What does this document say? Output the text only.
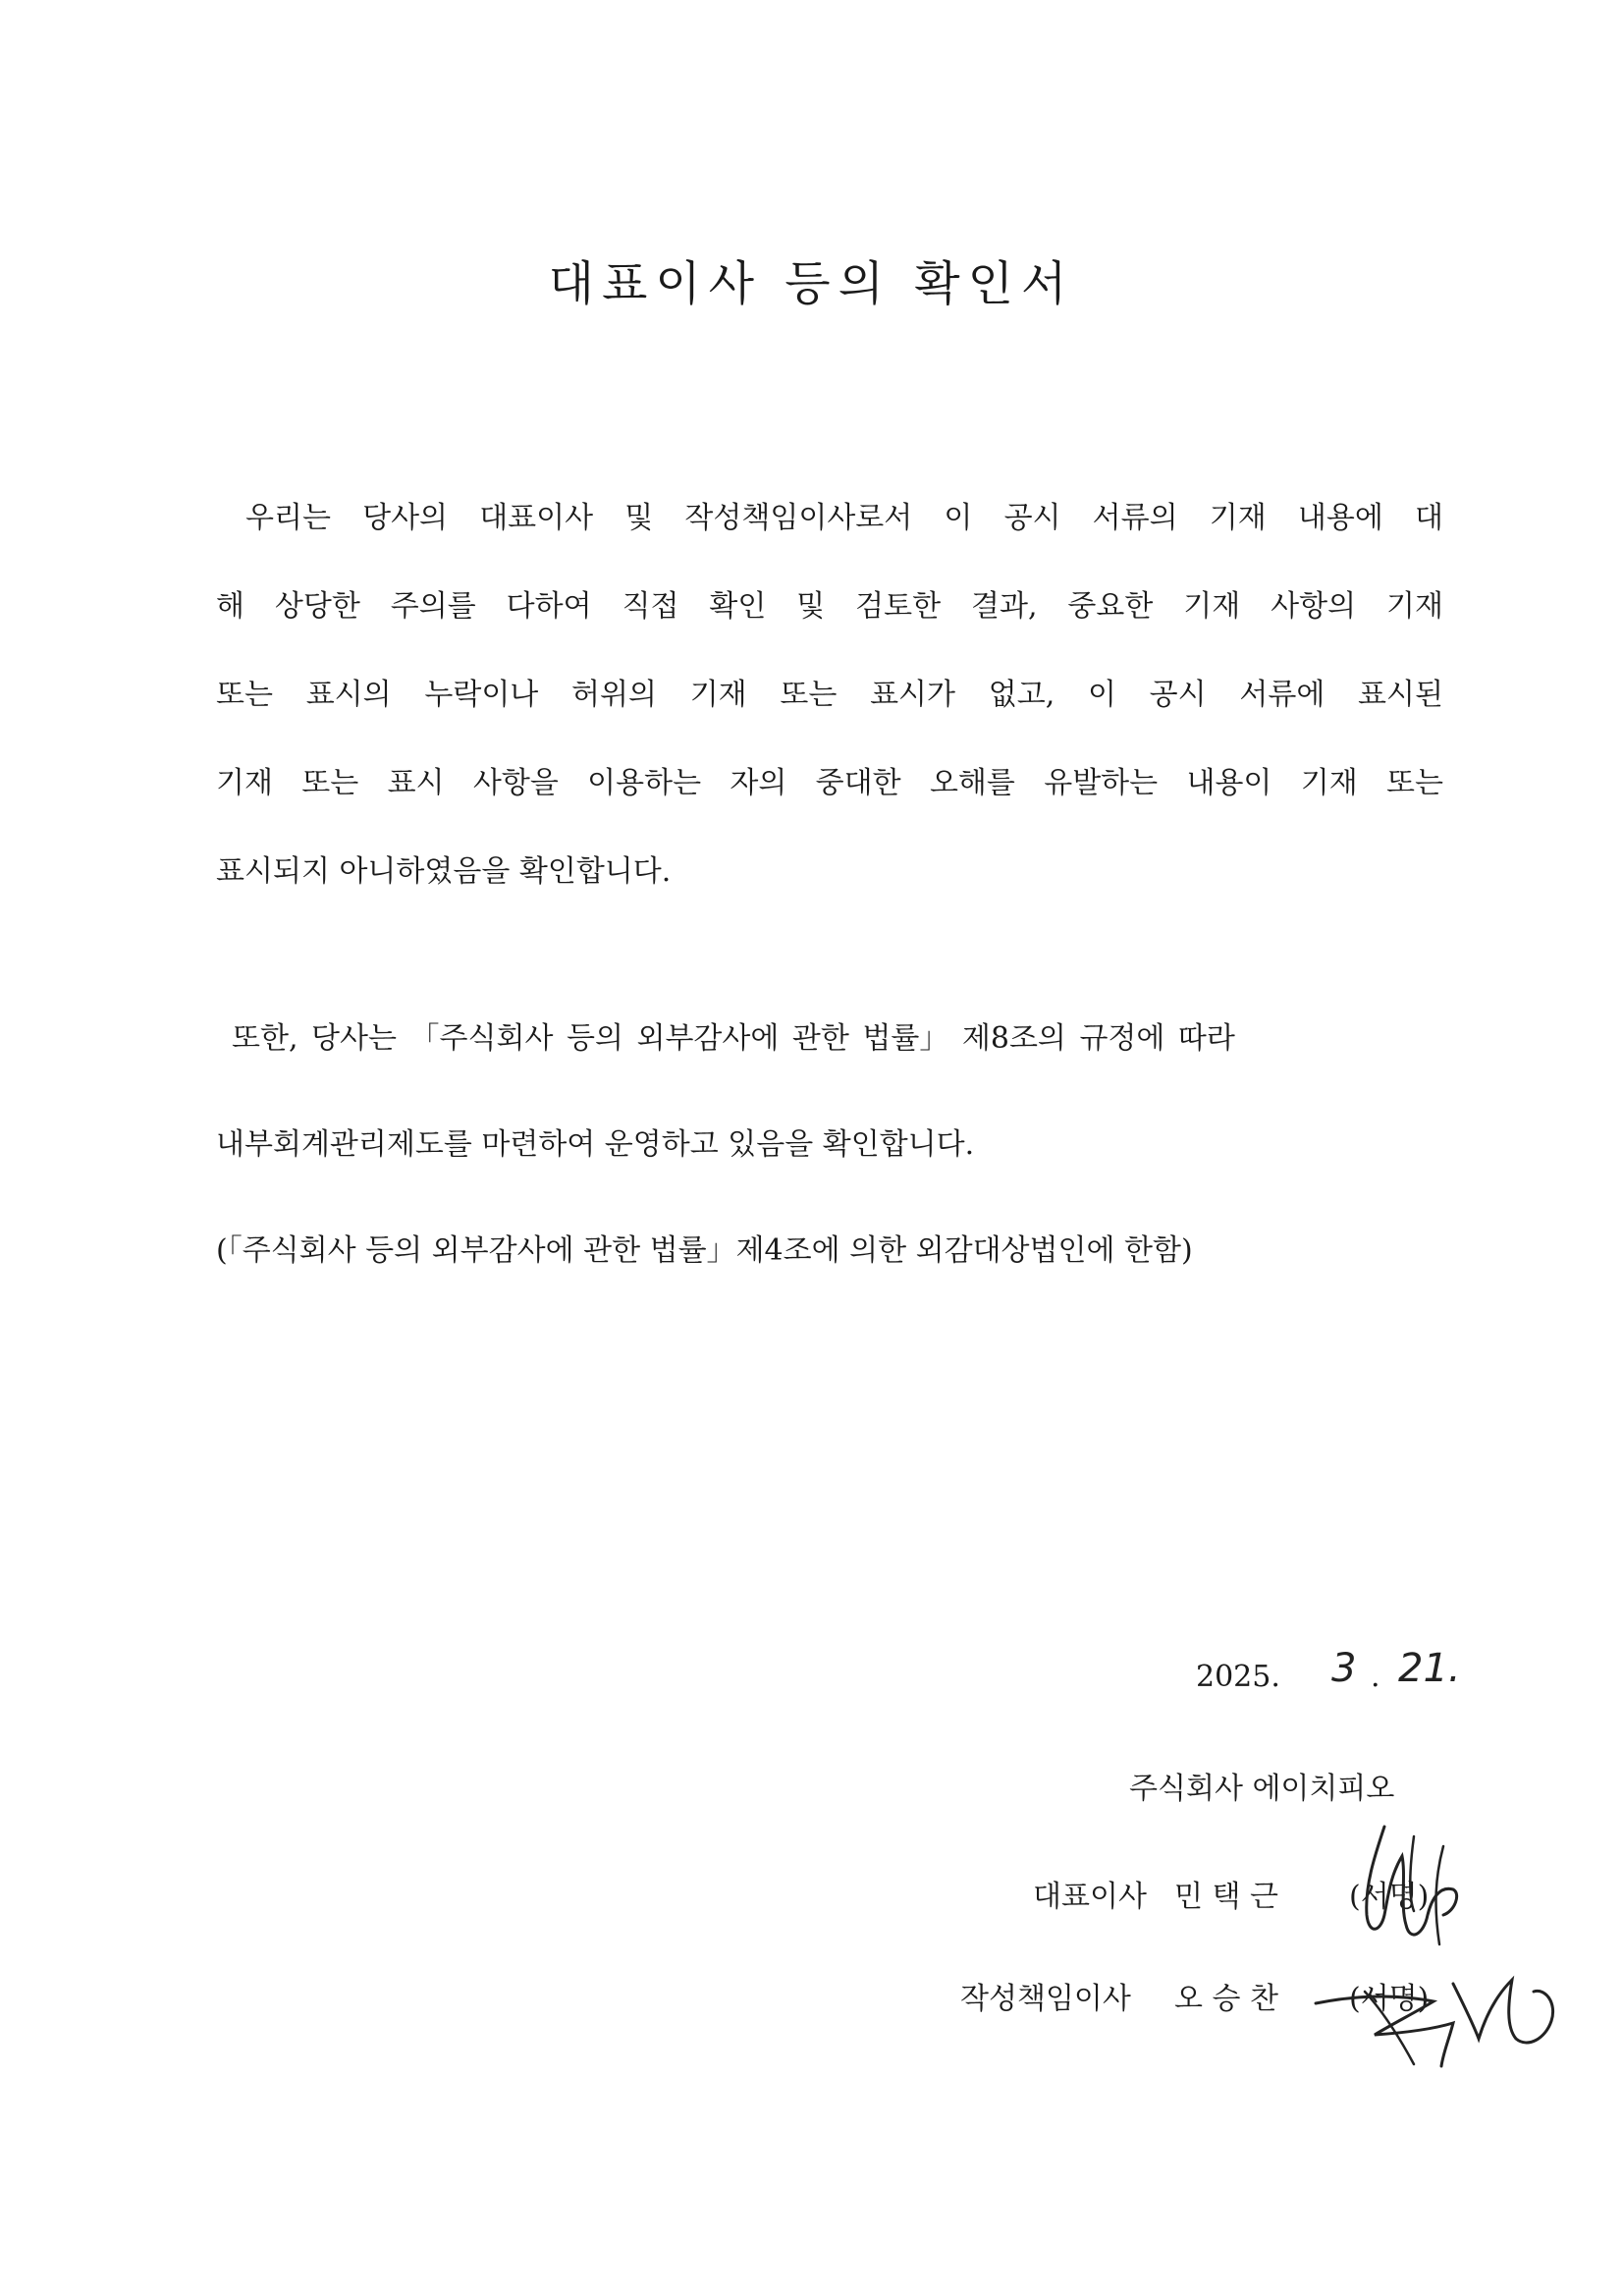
대표이사 등의 확인서
우리는 당사의 대표이사 및 작성책임이사로서 이 공시 서류의 기재 내용에 대
해 상당한 주의를 다하여 직접 확인 및 검토한 결과, 중요한 기재 사항의 기재
또는 표시의 누락이나 허위의 기재 또는 표시가 없고, 이 공시 서류에 표시된
기재 또는 표시 사항을 이용하는 자의 중대한 오해를 유발하는 내용이 기재 또는
표시되지 아니하였음을 확인합니다.
또한, 당사는 「주식회사 등의 외부감사에 관한 법률」 제8조의 규정에 따라
내부회계관리제도를 마련하여 운영하고 있음을 확인합니다.
(「주식회사 등의 외부감사에 관한 법률」제4조에 의한 외감대상법인에 한함)
2025. 3 . 21.
주식회사 에이치피오
대표이사 민 택 근 (서명)
작성책임이사 오 승 찬 (서명)
